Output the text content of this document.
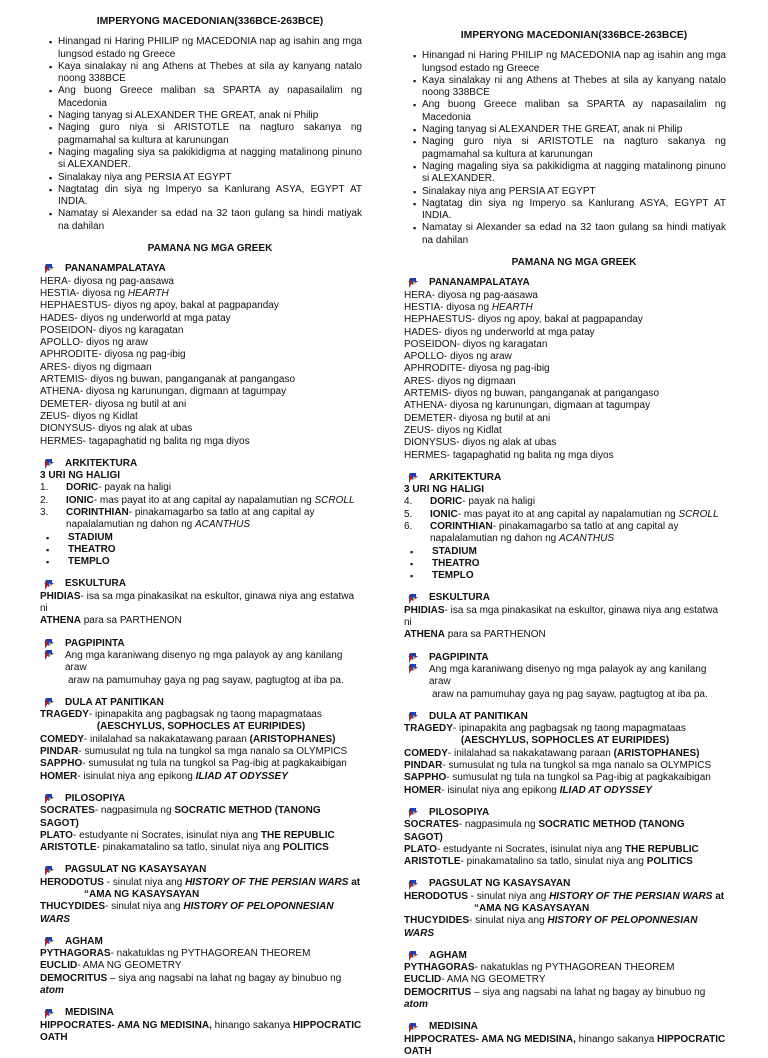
IMPERYONG MACEDONIAN(336BCE-263BCE)
▪ Hinangad ni Haring PHILIP ng MACEDONIA nap ag isahin ang mga lungsod estado ng Greece
▪ Kaya sinalakay ni ang Athens at Thebes at sila ay kanyang natalo noong 338BCE
▪ Ang buong Greece maliban sa SPARTA ay napasailalim ng Macedonia
▪ Naging tanyag si ALEXANDER THE GREAT, anak ni Philip
▪ Naging guro niya si ARISTOTLE na nagturo sakanya ng pagmamahal sa kultura at karunungan
▪ Naging magaling siya sa pakikidigma at nagging matalinong pinuno si ALEXANDER.
▪ Sinalakay niya ang PERSIA AT EGYPT
▪ Nagtatag din siya ng Imperyo sa Kanlurang ASYA, EGYPT AT INDIA.
▪ Namatay si Alexander sa edad na 32 taon gulang sa hindi matiyak na dahilan
PAMANA NG MGA GREEK
PANANAMPALATAYA
HERA- diyosa ng pag-aasawa
HESTIA- diyosa ng HEARTH
HEPHAESTUS- diyos ng apoy, bakal at pagpapanday
HADES- diyos ng underworld at mga patay
POSEIDON- diyos ng karagatan
APOLLO- diyos ng araw
APHRODITE- diyosa ng pag-ibig
ARES- diyos ng digmaan
ARTEMIS- diyos ng buwan, panganganak at pangangaso
ATHENA- diyosa ng karunungan, digmaan at tagumpay
DEMETER- diyosa ng butil at ani
ZEUS- diyos ng Kidlat
DIONYSUS- diyos ng alak at ubas
HERMES- tagapaghatid ng balita ng mga diyos
ARKITEKTURA
3 URI NG HALIGI
1.	DORIC- payak na haligi
2.	IONIC- mas payat ito at ang capital ay napalamutian ng SCROLL
3.	CORINTHIAN- pinakamagarbo sa tatlo at ang capital ay
napalalamutian ng dahon ng ACANTHUS
▪ STADIUM
▪ THEATRO
▪ TEMPLO
ESKULTURA
PHIDIAS- isa sa mga pinakasikat na eskultor, ginawa niya ang estatwa ni
ATHENA para sa PARTHENON
PAGPIPINTA
Ang mga karaniwang disenyo ng mga palayok ay ang kanilang araw
araw na pamumuhay gaya ng pag sayaw, pagtugtog at iba pa.
DULA AT PANITIKAN
TRAGEDY- ipinapakita ang pagbagsak ng taong mapagmataas
(AESCHYLUS, SOPHOCLES AT EURIPIDES)
COMEDY- inilalahad sa nakakatawang paraan (ARISTOPHANES)
PINDAR- sumusulat ng tula na tungkol sa mga nanalo sa OLYMPICS
SAPPHO- sumusulat ng tula na tungkol sa Pag-ibig at pagkakaibigan
HOMER- isinulat niya ang epikong ILIAD AT ODYSSEY
PILOSOPIYA
SOCRATES- nagpasimula ng SOCRATIC METHOD (TANONG SAGOT)
PLATO- estudyante ni Socrates, isinulat niya ang THE REPUBLIC
ARISTOTLE- pinakamatalino sa tatlo, sinulat niya ang POLITICS
PAGSULAT NG KASAYSAYAN
HERODOTUS - sinulat niya ang HISTORY OF THE PERSIAN WARS at
“AMA NG KASAYSAYAN
THUCYDIDES- sinulat niya ang HISTORY OF PELOPONNESIAN WARS
AGHAM
PYTHAGORAS- nakatuklas ng PYTHAGOREAN THEOREM
EUCLID- AMA NG GEOMETRY
DEMOCRITUS – siya ang nagsabi na lahat ng bagay ay binubuo ng
atom
MEDISINA
HIPPOCRATES- AMA NG MEDISINA, hinango sakanya HIPPOCRATIC
OATH
IMPERYONG MACEDONIAN(336BCE-263BCE)
▪ Hinangad ni Haring PHILIP ng MACEDONIA nap ag isahin ang mga lungsod estado ng Greece
▪ Kaya sinalakay ni ang Athens at Thebes at sila ay kanyang natalo noong 338BCE
▪ Ang buong Greece maliban sa SPARTA ay napasailalim ng Macedonia
▪ Naging tanyag si ALEXANDER THE GREAT, anak ni Philip
▪ Naging guro niya si ARISTOTLE na nagturo sakanya ng pagmamahal sa kultura at karunungan
▪ Naging magaling siya sa pakikidigma at nagging matalinong pinuno si ALEXANDER.
▪ Sinalakay niya ang PERSIA AT EGYPT
▪ Nagtatag din siya ng Imperyo sa Kanlurang ASYA, EGYPT AT INDIA.
▪ Namatay si Alexander sa edad na 32 taon gulang sa hindi matiyak na dahilan
PAMANA NG MGA GREEK
PANANAMPALATAYA
HERA- diyosa ng pag-aasawa
HESTIA- diyosa ng HEARTH
HEPHAESTUS- diyos ng apoy, bakal at pagpapanday
HADES- diyos ng underworld at mga patay
POSEIDON- diyos ng karagatan
APOLLO- diyos ng araw
APHRODITE- diyosa ng pag-ibig
ARES- diyos ng digmaan
ARTEMIS- diyos ng buwan, panganganak at pangangaso
ATHENA- diyosa ng karunungan, digmaan at tagumpay
DEMETER- diyosa ng butil at ani
ZEUS- diyos ng Kidlat
DIONYSUS- diyos ng alak at ubas
HERMES- tagapaghatid ng balita ng mga diyos
ARKITEKTURA
3 URI NG HALIGI
4.	DORIC- payak na haligi
5.	IONIC- mas payat ito at ang capital ay napalamutian ng SCROLL
6.	CORINTHIAN- pinakamagarbo sa tatlo at ang capital ay
napalalamutian ng dahon ng ACANTHUS
▪ STADIUM
▪ THEATRO
▪ TEMPLO
ESKULTURA
PHIDIAS- isa sa mga pinakasikat na eskultor, ginawa niya ang estatwa ni
ATHENA para sa PARTHENON
PAGPIPINTA
Ang mga karaniwang disenyo ng mga palayok ay ang kanilang araw
araw na pamumuhay gaya ng pag sayaw, pagtugtog at iba pa.
DULA AT PANITIKAN
TRAGEDY- ipinapakita ang pagbagsak ng taong mapagmataas
(AESCHYLUS, SOPHOCLES AT EURIPIDES)
COMEDY- inilalahad sa nakakatawang paraan (ARISTOPHANES)
PINDAR- sumusulat ng tula na tungkol sa mga nanalo sa OLYMPICS
SAPPHO- sumusulat ng tula na tungkol sa Pag-ibig at pagkakaibigan
HOMER- isinulat niya ang epikong ILIAD AT ODYSSEY
PILOSOPIYA
SOCRATES- nagpasimula ng SOCRATIC METHOD (TANONG SAGOT)
PLATO- estudyante ni Socrates, isinulat niya ang THE REPUBLIC
ARISTOTLE- pinakamatalino sa tatlo, sinulat niya ang POLITICS
PAGSULAT NG KASAYSAYAN
HERODOTUS - sinulat niya ang HISTORY OF THE PERSIAN WARS at
“AMA NG KASAYSAYAN
THUCYDIDES- sinulat niya ang HISTORY OF PELOPONNESIAN WARS
AGHAM
PYTHAGORAS- nakatuklas ng PYTHAGOREAN THEOREM
EUCLID- AMA NG GEOMETRY
DEMOCRITUS – siya ang nagsabi na lahat ng bagay ay binubuo ng
atom
MEDISINA
HIPPOCRATES- AMA NG MEDISINA, hinango sakanya HIPPOCRATIC
OATH
